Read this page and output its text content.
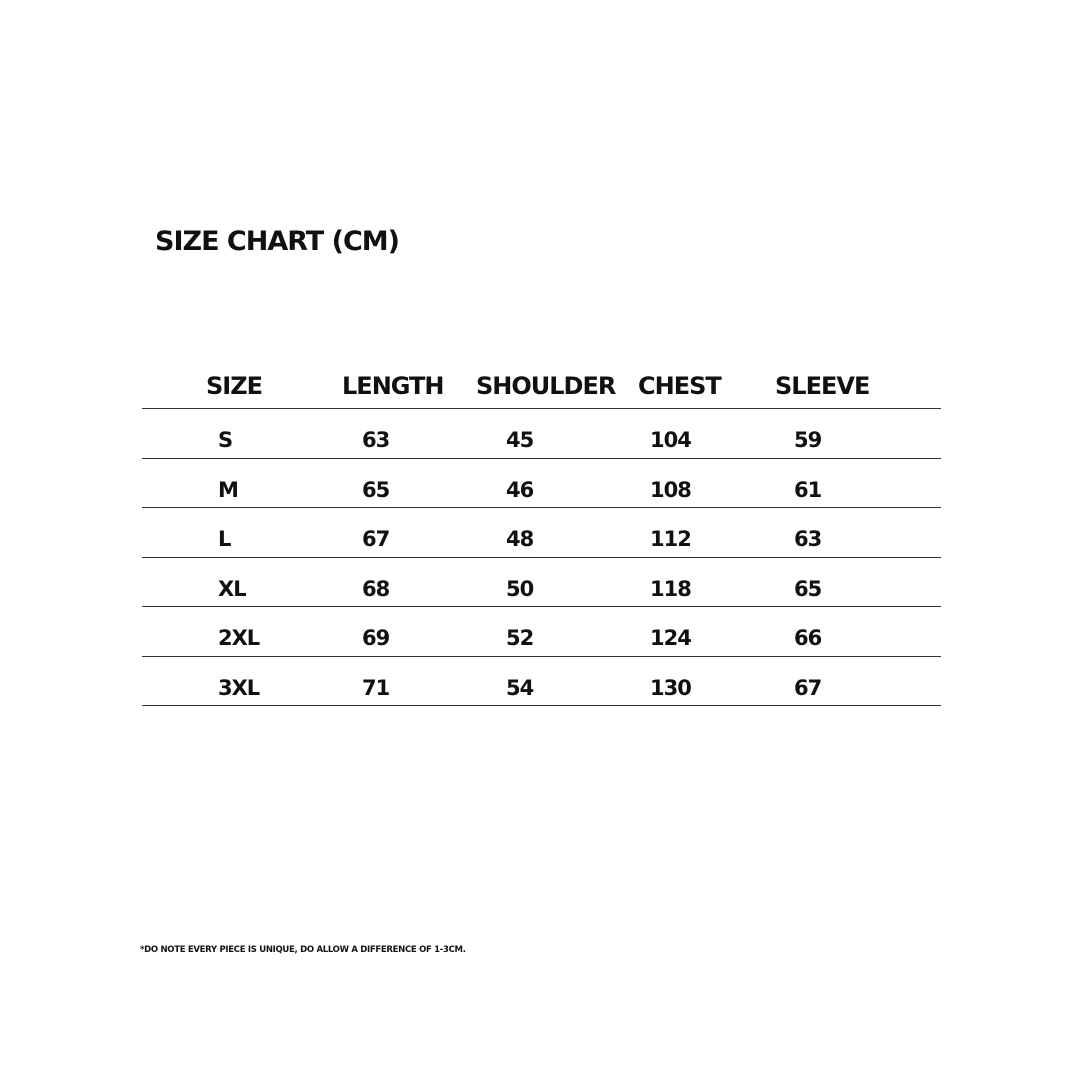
SIZE CHART (CM)
SIZE	LENGTH SHOULDER CHEST SLEEVE
S	63	45	104	59
M	65	46	108	61
L	67	48	112	63
XL	68	50	118	65
2XL	69	52	124	66
3XL	71	54	130	67
*DO NOTE EVERY PIECE IS UNIQUE, DO ALLOW A DIFFERENCE OF 1-3CM.
